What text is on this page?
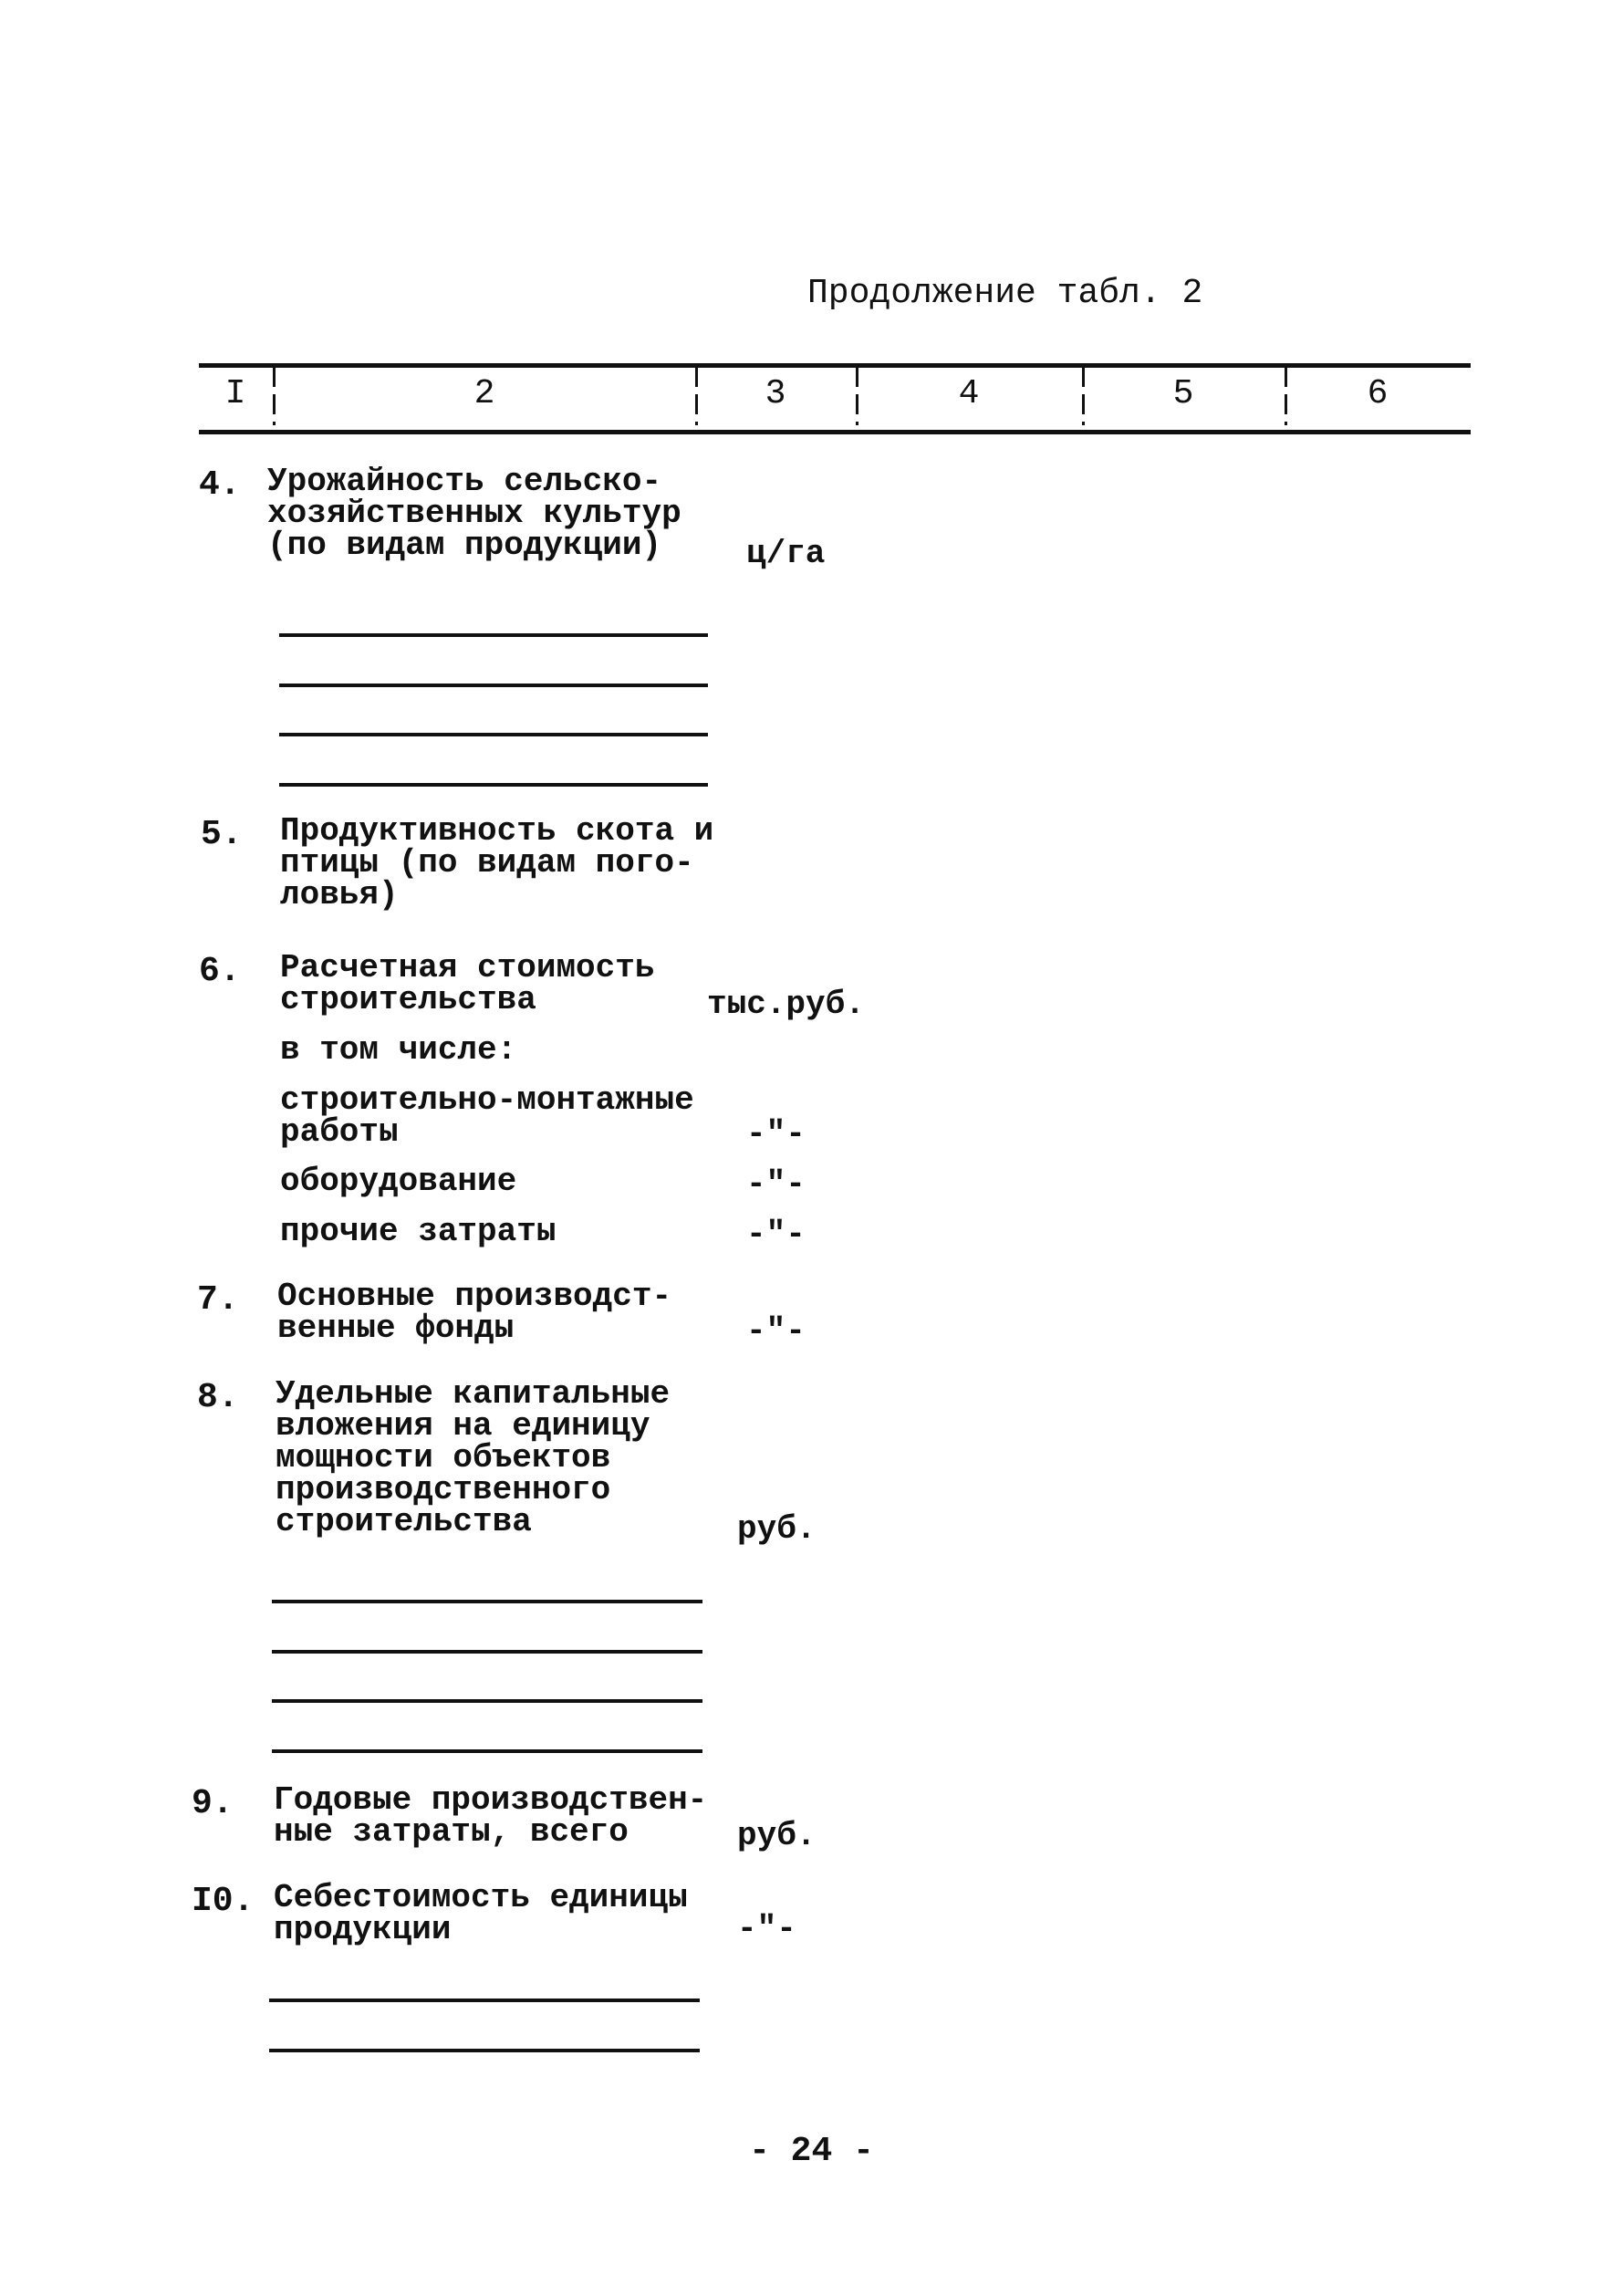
Продолжение табл. 2
I	2	3	4	5	6
4. Урожайность сельско-
хозяйственных культур
(по видам продукции)	ц/га
5. Продуктивность скота и
птицы (по видам пого-
ловья)
6. Расчетная стоимость
строительства	тыс.руб.
в том числе:
строительно-монтажные
работы	-"-
оборудование	-"-
прочие затраты	-"-
7. Основные производст-
венные фонды	-"-
8. Удельные капитальные
вложения на единицу
мощности объектов
производственного
строительства	руб.
9. Годовые производствен-
ные затраты, всего	руб.
I0. Себестоимость единицы
продукции	-"-
- 24 -
